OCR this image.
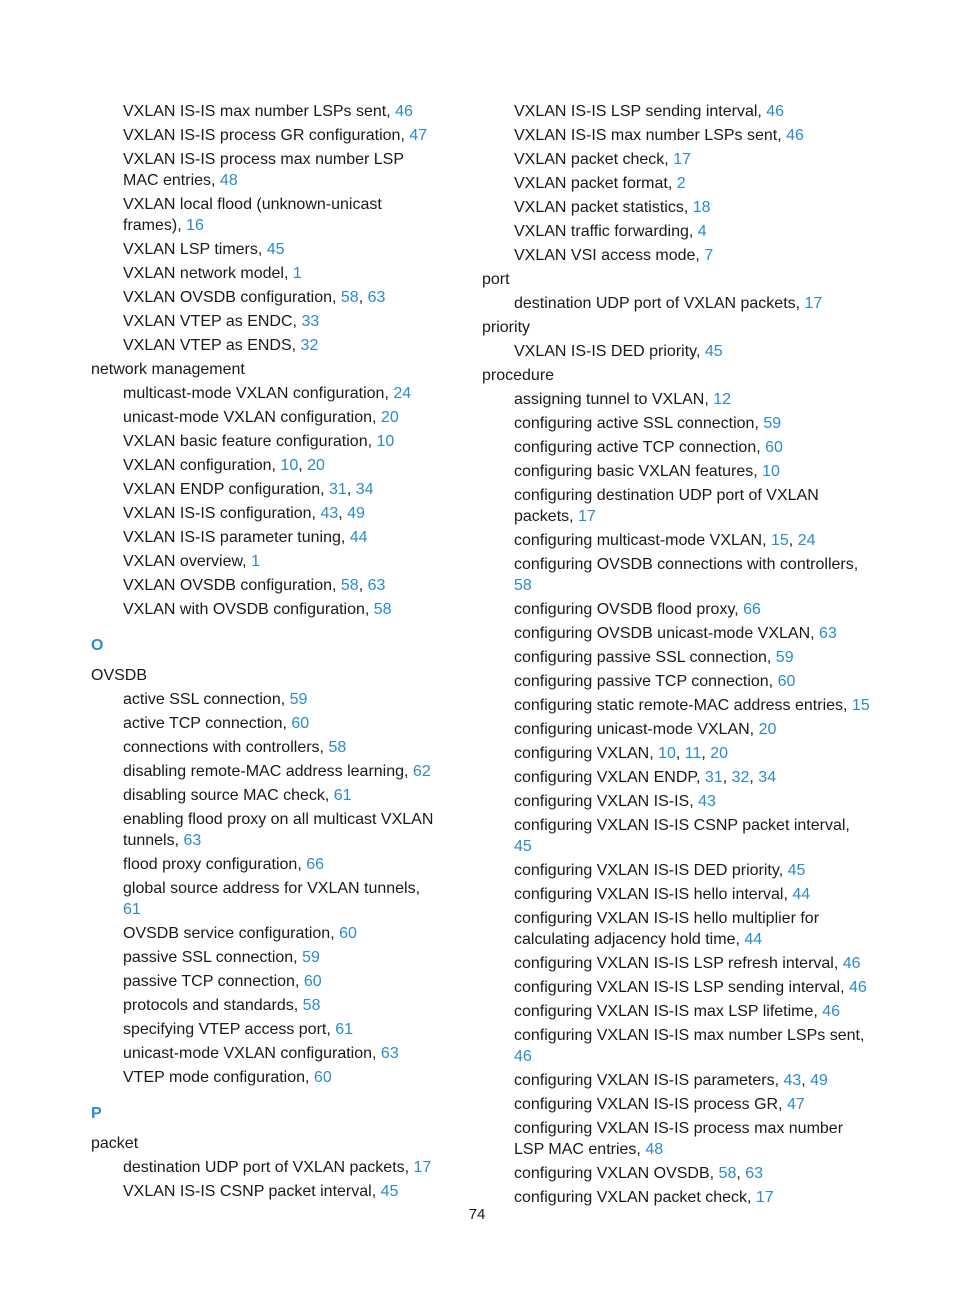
VXLAN IS-IS max number LSPs sent, 46
VXLAN IS-IS process GR configuration, 47
VXLAN IS-IS process max number LSP MAC entries, 48
VXLAN local flood (unknown-unicast frames), 16
VXLAN LSP timers, 45
VXLAN network model, 1
VXLAN OVSDB configuration, 58, 63
VXLAN VTEP as ENDC, 33
VXLAN VTEP as ENDS, 32
network management
multicast-mode VXLAN configuration, 24
unicast-mode VXLAN configuration, 20
VXLAN basic feature configuration, 10
VXLAN configuration, 10, 20
VXLAN ENDP configuration, 31, 34
VXLAN IS-IS configuration, 43, 49
VXLAN IS-IS parameter tuning, 44
VXLAN overview, 1
VXLAN OVSDB configuration, 58, 63
VXLAN with OVSDB configuration, 58
O
OVSDB
active SSL connection, 59
active TCP connection, 60
connections with controllers, 58
disabling remote-MAC address learning, 62
disabling source MAC check, 61
enabling flood proxy on all multicast VXLAN tunnels, 63
flood proxy configuration, 66
global source address for VXLAN tunnels, 61
OVSDB service configuration, 60
passive SSL connection, 59
passive TCP connection, 60
protocols and standards, 58
specifying VTEP access port, 61
unicast-mode VXLAN configuration, 63
VTEP mode configuration, 60
P
packet
destination UDP port of VXLAN packets, 17
VXLAN IS-IS CSNP packet interval, 45
VXLAN IS-IS LSP sending interval, 46
VXLAN IS-IS max number LSPs sent, 46
VXLAN packet check, 17
VXLAN packet format, 2
VXLAN packet statistics, 18
VXLAN traffic forwarding, 4
VXLAN VSI access mode, 7
port
destination UDP port of VXLAN packets, 17
priority
VXLAN IS-IS DED priority, 45
procedure
assigning tunnel to VXLAN, 12
configuring active SSL connection, 59
configuring active TCP connection, 60
configuring basic VXLAN features, 10
configuring destination UDP port of VXLAN packets, 17
configuring multicast-mode VXLAN, 15, 24
configuring OVSDB connections with controllers, 58
configuring OVSDB flood proxy, 66
configuring OVSDB unicast-mode VXLAN, 63
configuring passive SSL connection, 59
configuring passive TCP connection, 60
configuring static remote-MAC address entries, 15
configuring unicast-mode VXLAN, 20
configuring VXLAN, 10, 11, 20
configuring VXLAN ENDP, 31, 32, 34
configuring VXLAN IS-IS, 43
configuring VXLAN IS-IS CSNP packet interval, 45
configuring VXLAN IS-IS DED priority, 45
configuring VXLAN IS-IS hello interval, 44
configuring VXLAN IS-IS hello multiplier for calculating adjacency hold time, 44
configuring VXLAN IS-IS LSP refresh interval, 46
configuring VXLAN IS-IS LSP sending interval, 46
configuring VXLAN IS-IS max LSP lifetime, 46
configuring VXLAN IS-IS max number LSPs sent, 46
configuring VXLAN IS-IS parameters, 43, 49
configuring VXLAN IS-IS process GR, 47
configuring VXLAN IS-IS process max number LSP MAC entries, 48
configuring VXLAN OVSDB, 58, 63
configuring VXLAN packet check, 17
74
